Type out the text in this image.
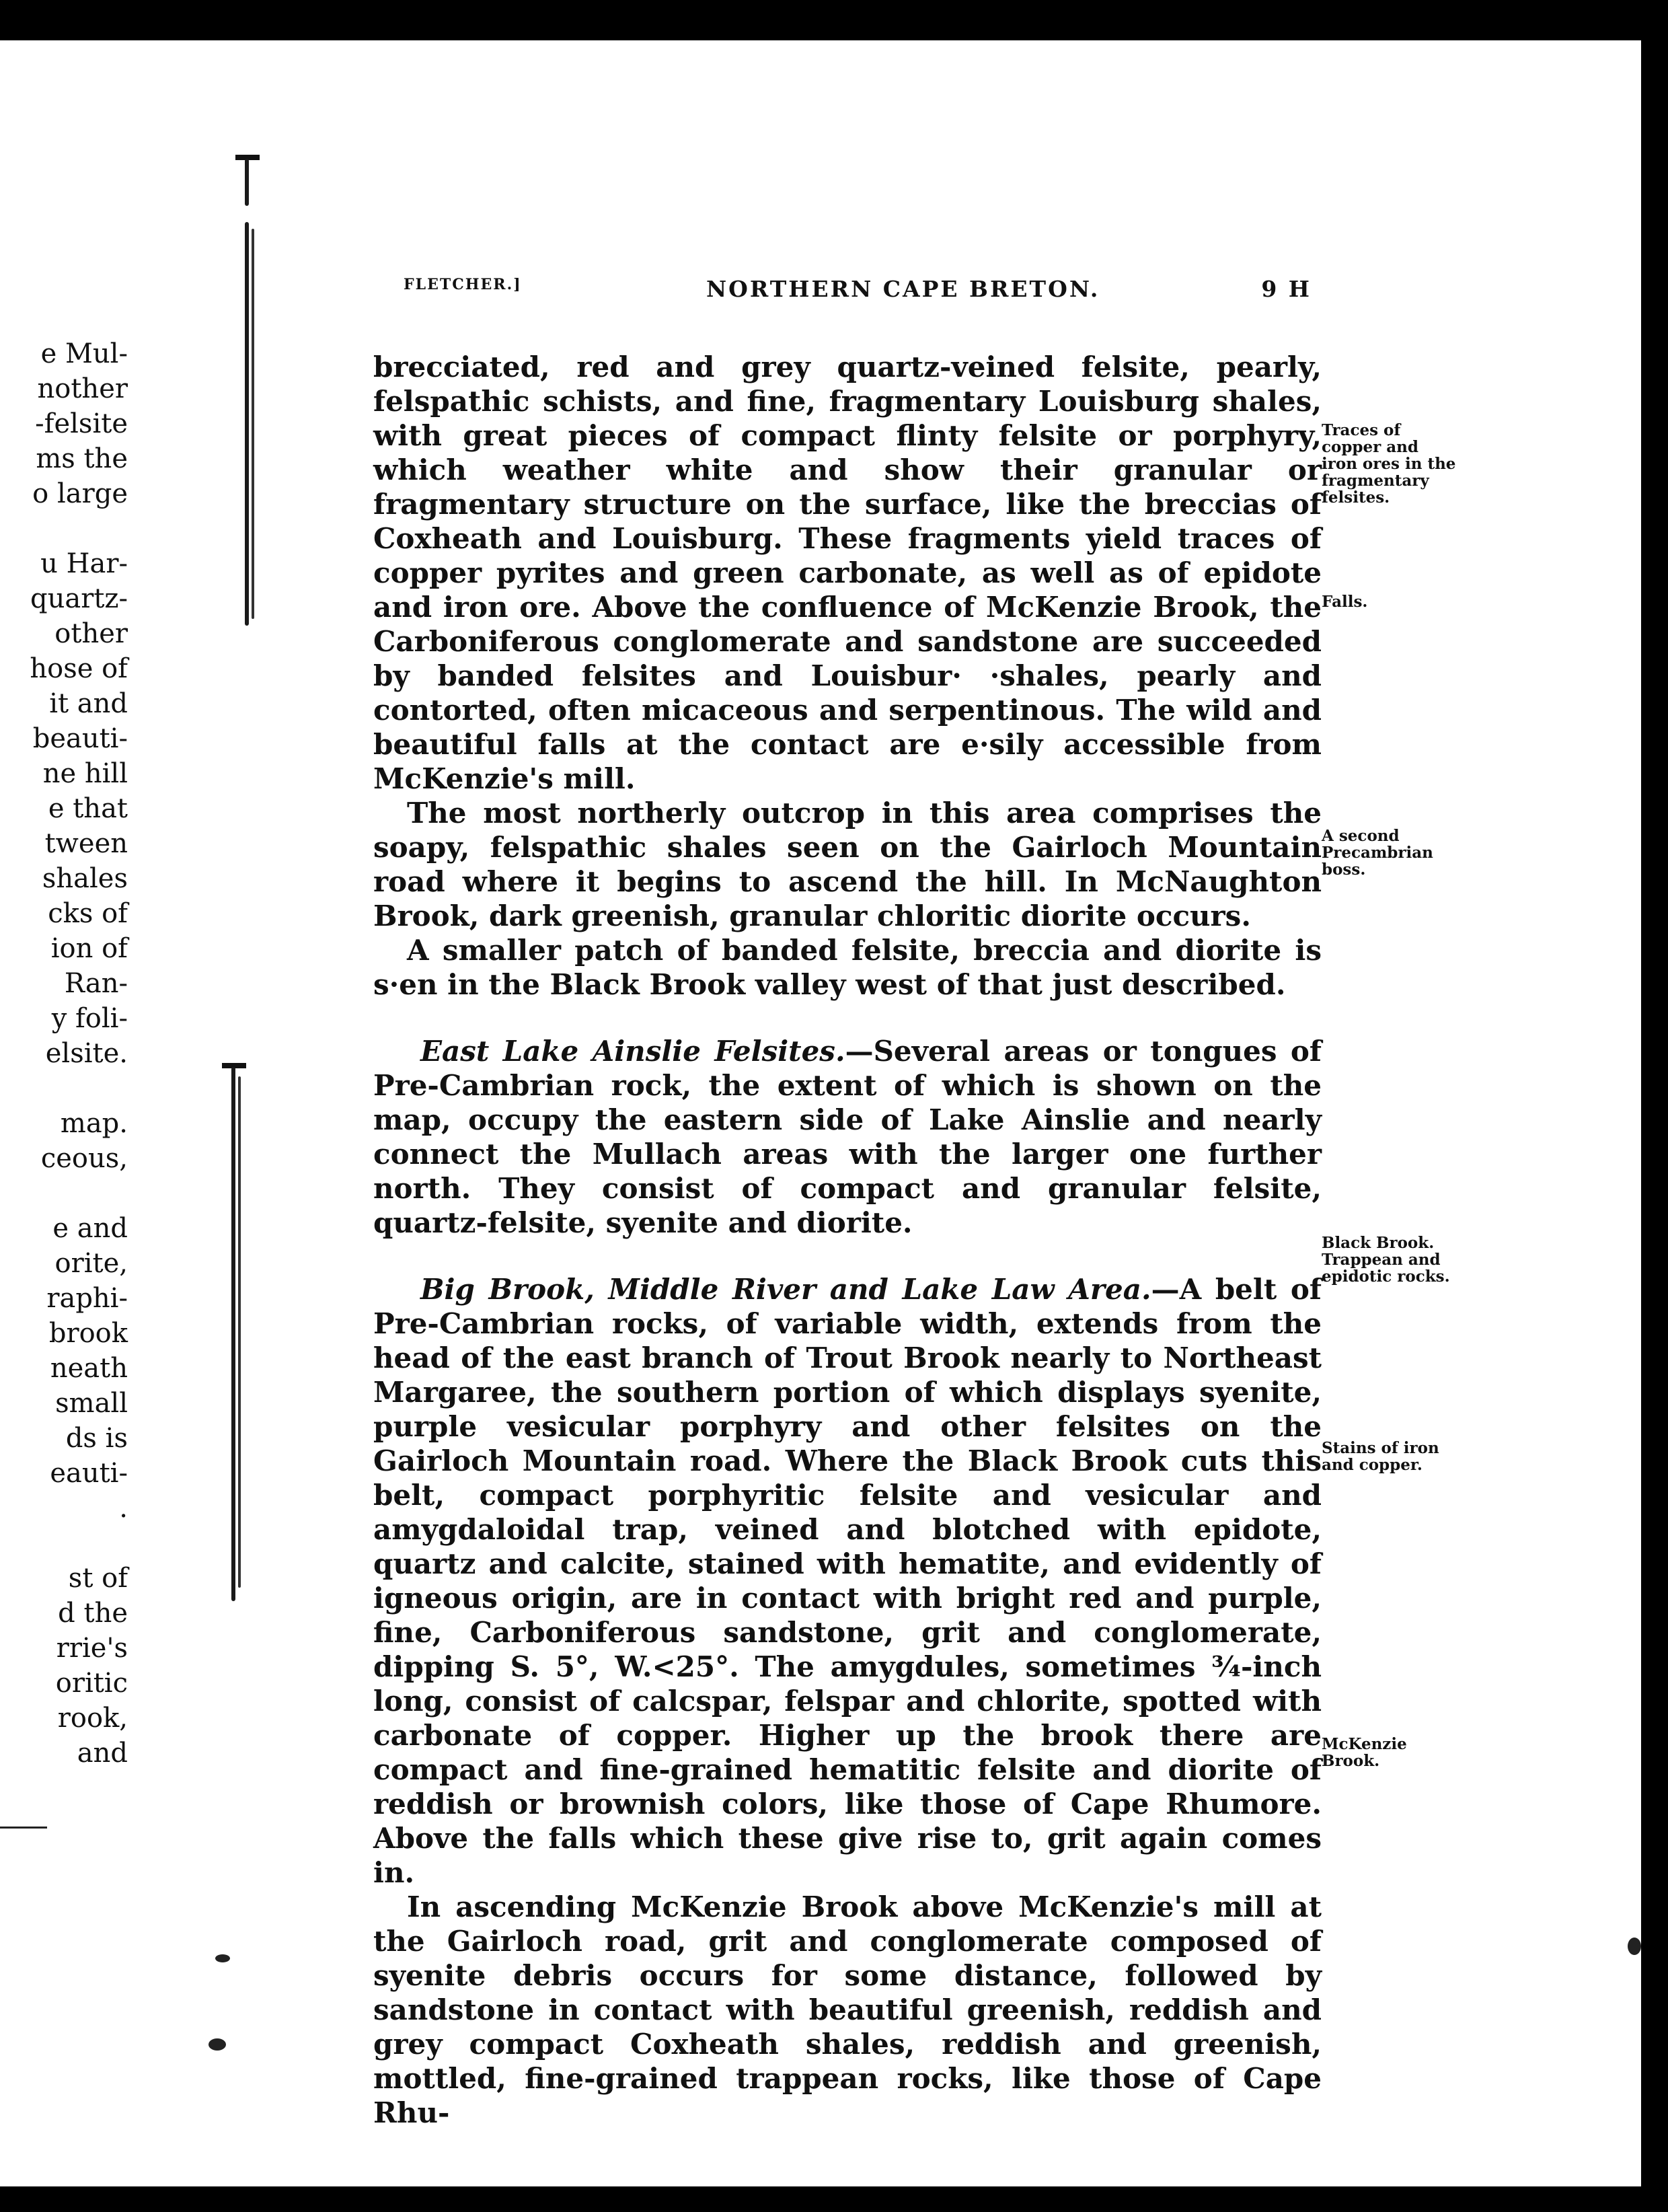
e Mul-
nother
-felsite
ms the
o large
u Har-
quartz-
other
hose of
it and
beauti-
ne hill
e that
tween
shales
cks of
ion of
Ran-
y foli-
elsite.
map.
ceous,
e and
orite,
raphi-
brook
neath
small
ds is
eauti-
.
st of
d the
rrie's
oritic
rook,
and
FLETCHER.]	NORTHERN CAPE BRETON.	9 H

brecciated, red and grey quartz-veined felsite, pearly, felspathic schists, and fine, fragmentary Louisburg shales, with great pieces of compact flinty felsite or porphyry, which weather white and show their granular or fragmentary structure on the surface, like the breccias of Coxheath and Louisburg. These fragments yield traces of copper pyrites and green carbonate, as well as of epidote and iron ore. Above the confluence of McKenzie Brook, the Carboniferous conglomerate and sandstone are succeeded by banded felsites and Louisbur· ·shales, pearly and contorted, often micaceous and serpentinous. The wild and beautiful falls at the contact are e·sily accessible from McKenzie's mill.

The most northerly outcrop in this area comprises the soapy, felspathic shales seen on the Gairloch Mountain road where it begins to ascend the hill. In McNaughton Brook, dark greenish, granular chloritic diorite occurs.

A smaller patch of banded felsite, breccia and diorite is s·en in the Black Brook valley west of that just described.

East Lake Ainslie Felsites.—Several areas or tongues of Pre-Cambrian rock, the extent of which is shown on the map, occupy the eastern side of Lake Ainslie and nearly connect the Mullach areas with the larger one further north. They consist of compact and granular felsite, quartz-felsite, syenite and diorite.

Big Brook, Middle River and Lake Law Area.—A belt of Pre-Cambrian rocks, of variable width, extends from the head of the east branch of Trout Brook nearly to Northeast Margaree, the southern portion of which displays syenite, purple vesicular porphyry and other felsites on the Gairloch Mountain road. Where the Black Brook cuts this belt, compact porphyritic felsite and vesicular and amygdaloidal trap, veined and blotched with epidote, quartz and calcite, stained with hematite, and evidently of igneous origin, are in contact with bright red and purple, fine, Carboniferous sandstone, grit and conglomerate, dipping S. 5°, W.<25°. The amygdules, sometimes ¾-inch long, consist of calcspar, felspar and chlorite, spotted with carbonate of copper. Higher up the brook there are compact and fine-grained hematitic felsite and diorite of reddish or brownish colors, like those of Cape Rhumore. Above the falls which these give rise to, grit again comes in.

In ascending McKenzie Brook above McKenzie's mill at the Gairloch road, grit and conglomerate composed of syenite debris occurs for some distance, followed by sandstone in contact with beautiful greenish, reddish and grey compact Coxheath shales, reddish and greenish, mottled, fine-grained trappean rocks, like those of Cape Rhu-

Traces of copper and iron ores in the fragmentary felsites.
Falls.
A second Precambrian boss.
Black Brook. Trappean and epidotic rocks.
Stains of iron and copper.
McKenzie Brook.
